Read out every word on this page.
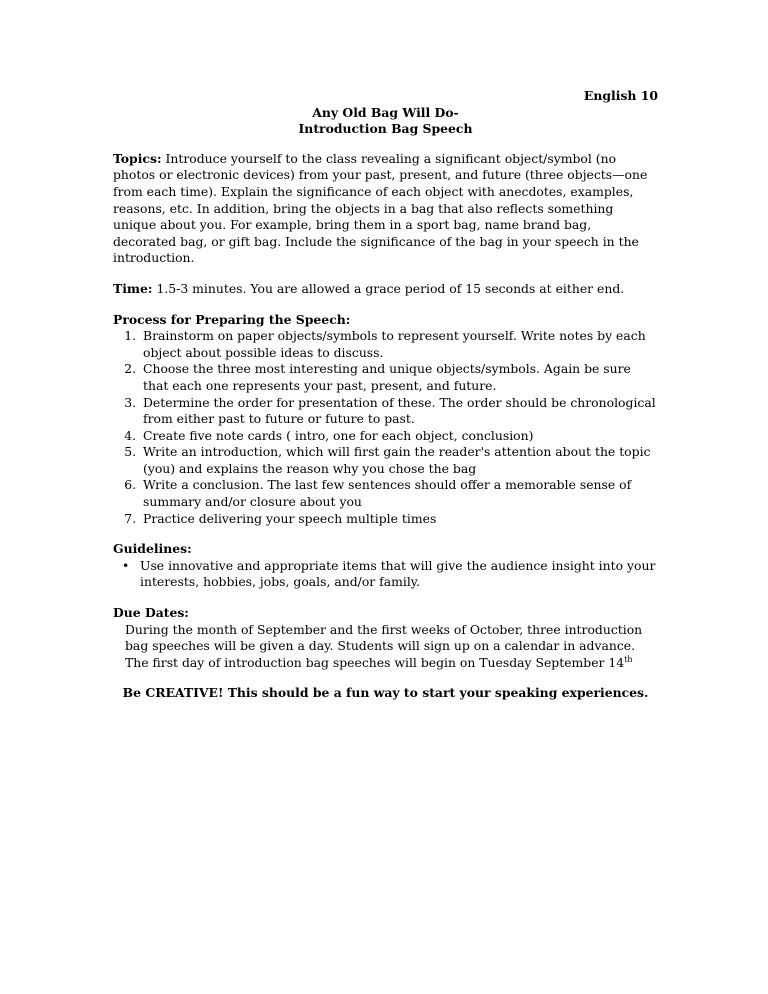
English 10
Any Old Bag Will Do-
Introduction Bag Speech

Topics: Introduce yourself to the class revealing a significant object/symbol (no photos or electronic devices) from your past, present, and future (three objects—one from each time). Explain the significance of each object with anecdotes, examples, reasons, etc. In addition, bring the objects in a bag that also reflects something unique about you. For example, bring them in a sport bag, name brand bag, decorated bag, or gift bag. Include the significance of the bag in your speech in the introduction.

Time: 1.5-3 minutes. You are allowed a grace period of 15 seconds at either end.

Process for Preparing the Speech:
1. Brainstorm on paper objects/symbols to represent yourself. Write notes by each object about possible ideas to discuss.
2. Choose the three most interesting and unique objects/symbols. Again be sure that each one represents your past, present, and future.
3. Determine the order for presentation of these. The order should be chronological from either past to future or future to past.
4. Create five note cards ( intro, one for each object, conclusion)
5. Write an introduction, which will first gain the reader's attention about the topic (you) and explains the reason why you chose the bag
6. Write a conclusion. The last few sentences should offer a memorable sense of summary and/or closure about you
7. Practice delivering your speech multiple times
Guidelines:
• Use innovative and appropriate items that will give the audience insight into your interests, hobbies, jobs, goals, and/or family.
Due Dates:
During the month of September and the first weeks of October, three introduction bag speeches will be given a day. Students will sign up on a calendar in advance. The first day of introduction bag speeches will begin on Tuesday September 14th
Be CREATIVE! This should be a fun way to start your speaking experiences.
